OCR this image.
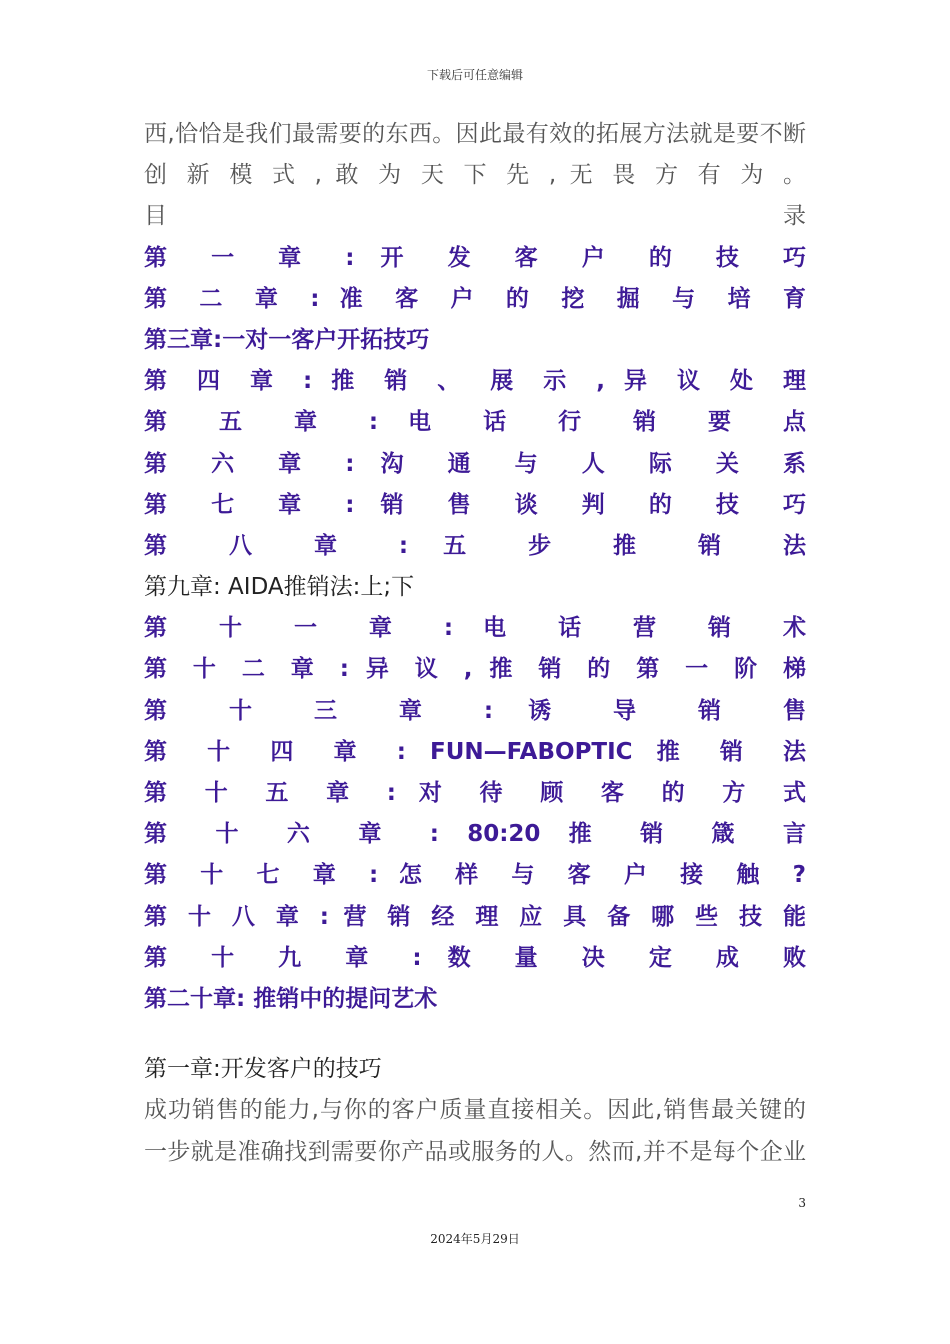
下载后可任意编辑
西,恰恰是我们最需要的东西。因此最有效的拓展方法就是要不断
创 新 模 式 , 敢 为 天 下 先 , 无 畏 方 有 为 。
目 录
第 一 章 : 开 发 客 户 的 技 巧
第 二 章 : 准 客 户 的 挖 掘 与 培 育
第三章:一对一客户开拓技巧
第 四 章 : 推 销 、 展 示 , 异 议 处 理
第 五 章 : 电 话 行 销 要 点
第 六 章 : 沟 通 与 人 际 关 系
第 七 章 : 销 售 谈 判 的 技 巧
第 八 章 : 五 步 推 销 法
第九章: AIDA推销法:上;下
第 十 一 章 : 电 话 营 销 术
第 十 二 章 : 异 议 , 推 销 的 第 一 阶 梯
第 十 三 章 : 诱 导 销 售
第 十 四 章 : FUN—FABOPTIC 推 销 法
第 十 五 章 : 对 待 顾 客 的 方 式
第 十 六 章 : 80:20 推 销 箴 言
第 十 七 章 : 怎 样 与 客 户 接 触 ?
第 十 八 章 : 营 销 经 理 应 具 备 哪 些 技 能
第 十 九 章 : 数 量 决 定 成 败
第二十章: 推销中的提问艺术
第一章:开发客户的技巧
成功销售的能力,与你的客户质量直接相关。因此,销售最关键的
一步就是准确找到需要你产品或服务的人。然而,并不是每个企业
3
2024年5月29日
